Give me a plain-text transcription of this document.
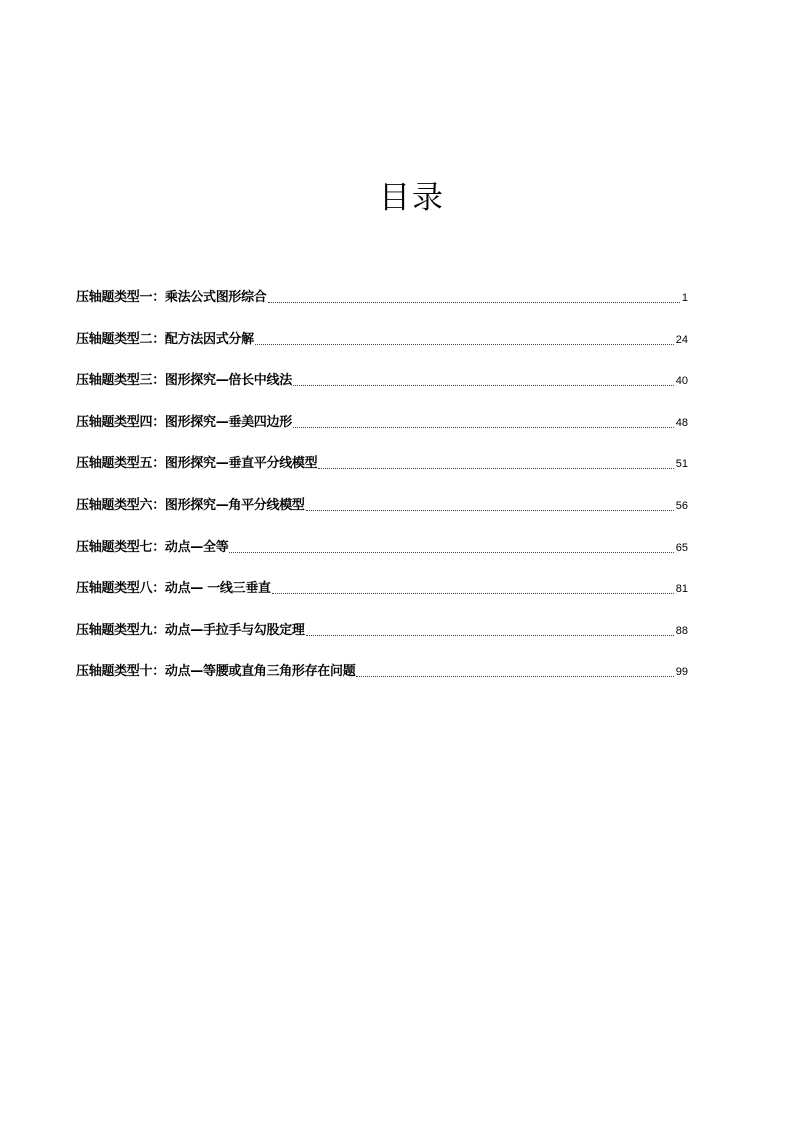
目录
压轴题类型一：乘法公式图形综合	1
压轴题类型二：配方法因式分解	24
压轴题类型三：图形探究—倍长中线法	40
压轴题类型四：图形探究—垂美四边形	48
压轴题类型五：图形探究—垂直平分线模型	51
压轴题类型六：图形探究—角平分线模型	56
压轴题类型七：动点—全等	65
压轴题类型八：动点— 一线三垂直	81
压轴题类型九：动点—手拉手与勾股定理	88
压轴题类型十：动点—等腰或直角三角形存在问题	99
